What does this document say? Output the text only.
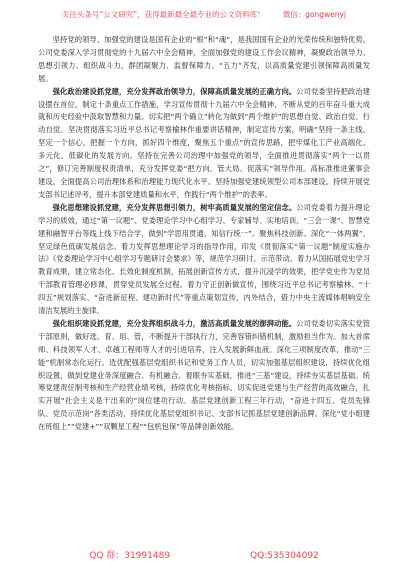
关注头条号“公文研究”，获得最新最全最专业的公文资料库！ 微信：gongwenyj

坚持党的领导、加强党的建设是国有企业的“根”和“魂”，是我国国有企业的光荣传统和独特优势。公司党委深入学习贯彻党的十九届六中全会精神，全面加强党的建设工作会议精神，凝聚政治领导力、思想引领力、组织战斗力，群团凝聚力、监督保障力、“五力”齐发，以高质量党建引领保障高质量发展。

强化政治建设抓党建，充分发挥政治领导力，保障高质量发展的正确方向。公司党委坚持把政治建设摆在首位，制定十条重点工作措施，学习宣传贯彻十九届六中全会精神，不断从党的百年奋斗重大成就和历史经验中汲取智慧和力量。切实把“两个确立”转化为做到“两个维护”的思想自觉、政治自觉、行动自觉。坚决贯彻落实习近平总书记考察榆林作重要讲话精神，制定宣传方案，明确“坚持一条主线，坚定一个信心，把握一个方向，抓好四个维度，聚焦五个重点”的宣传思路，把牢煤化工产业高端化、多元化、低碳化的发展方向。坚持在完善公司治理中加强党的领导，全面推进贯彻落实“两个一以贯之”，修订完善制度权责清单，充分发挥党委“把方向、管大局、促落实”领导作用。高标准推进董事会建设，全面提高公司治理体系和治理能力现代化水平。坚持加强党建统领型公司本部建设，持续开展党支部书记述评考，提升本部党建质量和水平，作践行“两个维护”的表率。

强化思想建设抓党建，充分发挥思想引领力，树牢高质量发展的坚定信念。公司党委着力提升理论学习的质效，通过“第一议题”、党委理论学习中心组学习、专家辅导、实地培训、“三会一课”、智慧党建和融智平台等线上线下结合学，做到“学思用贯通、知信行统一”。聚焦科技创新、深化“一体两翼”、坚定绿色低碳发展信念。着力发挥思想理论学习的指导作用，印发《贯彻落实“第一议题”制度实施办法》《党委理论学习中心组学习专题研讨会要求》等，规范学习研讨、示范带动。着力从国拓展党史学习教育成果，建立常态化、长效化制度机制，拓展创新宣传方式，提升沉浸学的效果，把学党史作为党员干部教育管理必修课，贯穿党员发展全过程。着力守正创新做宣传，围绕习近平总书记考察榆林、“十四五”规划落实、“奋进新征程、建功新时代”等重点策划宣传，内外结合，借力中央主流媒体唱响安全清洁发展的主旋律。

强化组织建设抓党建，充分发挥组织战斗力，激活高质量发展的澎湃动能。公司党委切实落实党管干部原则，做好选、育、用、管，不断提升干部执行力，完善容错纠错机制，激励担当作为。加大首席师、科技领军人才、卓越工程师等人才的引进培养，注入发展新鲜血液。深化三项制度改革，推动“三能”机制常态化运行。选优配强基层党组织书记和党务工作人员，切实加强基层组织建设，持续优化组织设置，做到党建业务深度融合、有机融合。着眼夯实基础，推进“三基”建设，持续夯实基层基础。统筹党建责任制考核和生产经营业绩考核，持续优化考核指标，切实促进党建与生产经营的高效融合，扎实开展“社会主义是干出来的”岗位建功行动。基层党建创新工程三年行动，“奋进十四五、党员先锋队、党员示范岗”各类活动，持续优化基层党组织书记、支部书记抓基层党建创新品牌。深化“党小组建在班组上”“党建+”“双颗星工程”“包机包保”等品牌创新效能。

QQ 群：31991489	QQ:535304092
